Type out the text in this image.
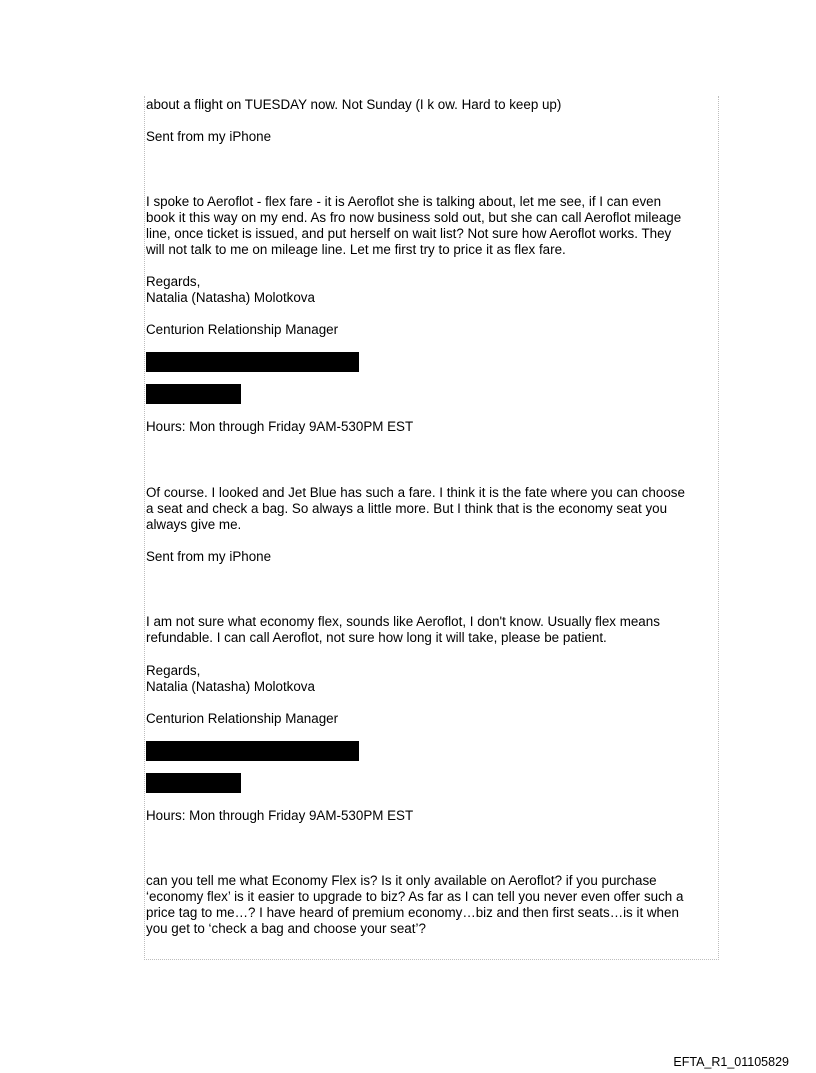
about a flight on TUESDAY now. Not Sunday (I k ow. Hard to keep up)

Sent from my iPhone

I spoke to Aeroflot - flex fare - it is Aeroflot she is talking about, let me see, if I can even

book it this way on my end. As fro now business sold out, but she can call Aeroflot mileage

line, once ticket is issued, and put herself on wait list? Not sure how Aeroflot works. They

will not talk to me on mileage line. Let me first try to price it as flex fare.

Regards,

Natalia (Natasha) Molotkova

Centurion Relationship Manager

Hours: Mon through Friday 9AM-530PM EST

Of course. I looked and Jet Blue has such a fare. I think it is the fate where you can choose

a seat and check a bag. So always a little more. But I think that is the economy seat you

always give me.

Sent from my iPhone

I am not sure what economy flex, sounds like Aeroflot, I don't know. Usually flex means

refundable. I can call Aeroflot, not sure how long it will take, please be patient.

Regards,

Natalia (Natasha) Molotkova

Centurion Relationship Manager

Hours: Mon through Friday 9AM-530PM EST

can you tell me what Economy Flex is? Is it only available on Aeroflot? if you purchase

‘economy flex’ is it easier to upgrade to biz? As far as I can tell you never even offer such a

price tag to me…? I have heard of premium economy…biz and then first seats…is it when

you get to ‘check a bag and choose your seat’?

EFTA_R1_01105829
